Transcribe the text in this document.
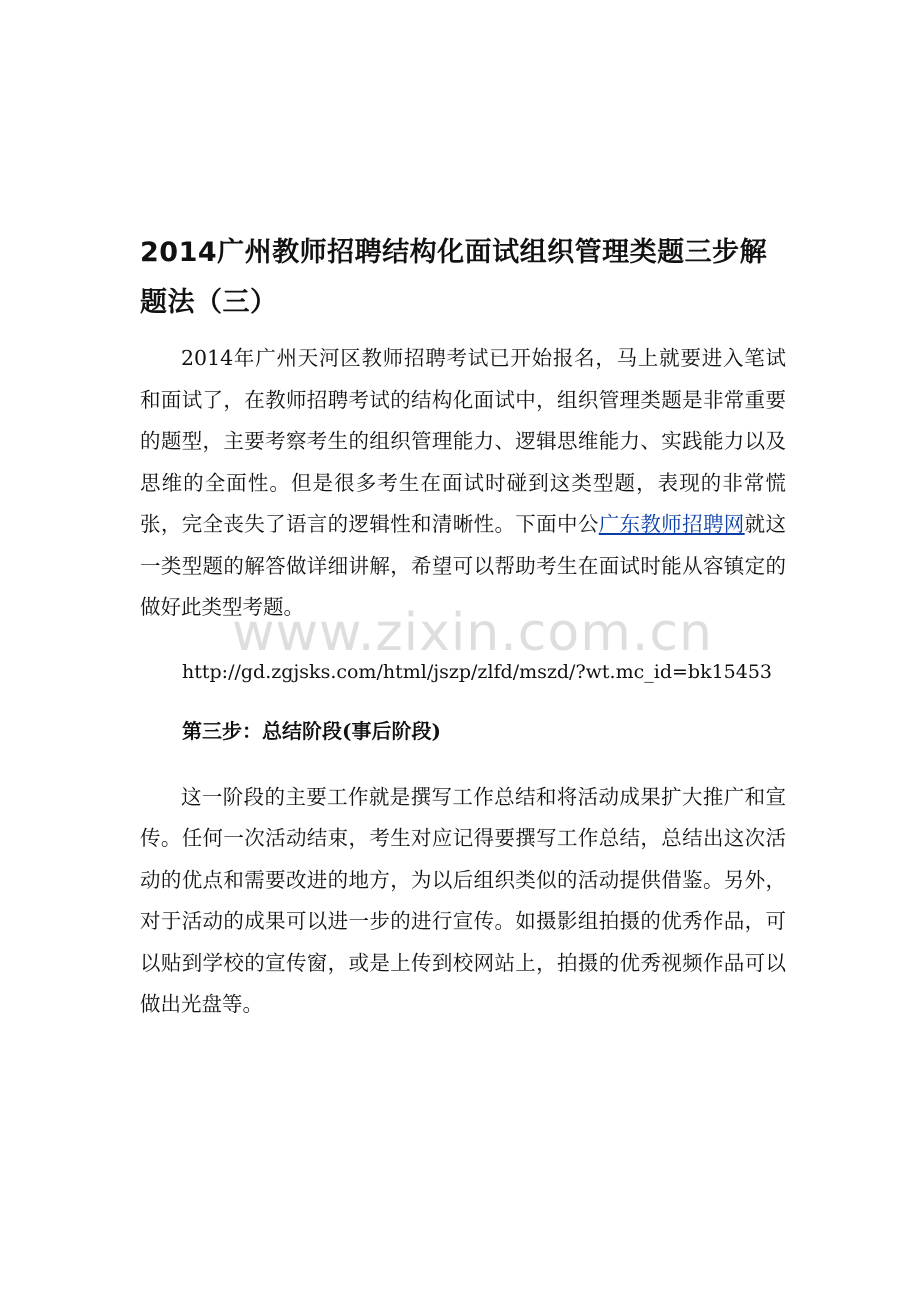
2014广州教师招聘结构化面试组织管理类题三步解题法（三）

2014年广州天河区教师招聘考试已开始报名，马上就要进入笔试和面试了，在教师招聘考试的结构化面试中，组织管理类题是非常重要的题型，主要考察考生的组织管理能力、逻辑思维能力、实践能力以及思维的全面性。但是很多考生在面试时碰到这类型题，表现的非常慌张，完全丧失了语言的逻辑性和清晰性。下面中公广东教师招聘网就这一类型题的解答做详细讲解，希望可以帮助考生在面试时能从容镇定的做好此类型考题。

http://gd.zgjsks.com/html/jszp/zlfd/mszd/?wt.mc_id=bk15453

第三步：总结阶段(事后阶段)

这一阶段的主要工作就是撰写工作总结和将活动成果扩大推广和宣传。任何一次活动结束，考生对应记得要撰写工作总结，总结出这次活动的优点和需要改进的地方，为以后组织类似的活动提供借鉴。另外，对于活动的成果可以进一步的进行宣传。如摄影组拍摄的优秀作品，可以贴到学校的宣传窗，或是上传到校网站上，拍摄的优秀视频作品可以做出光盘等。

www.zixin.com.cn
